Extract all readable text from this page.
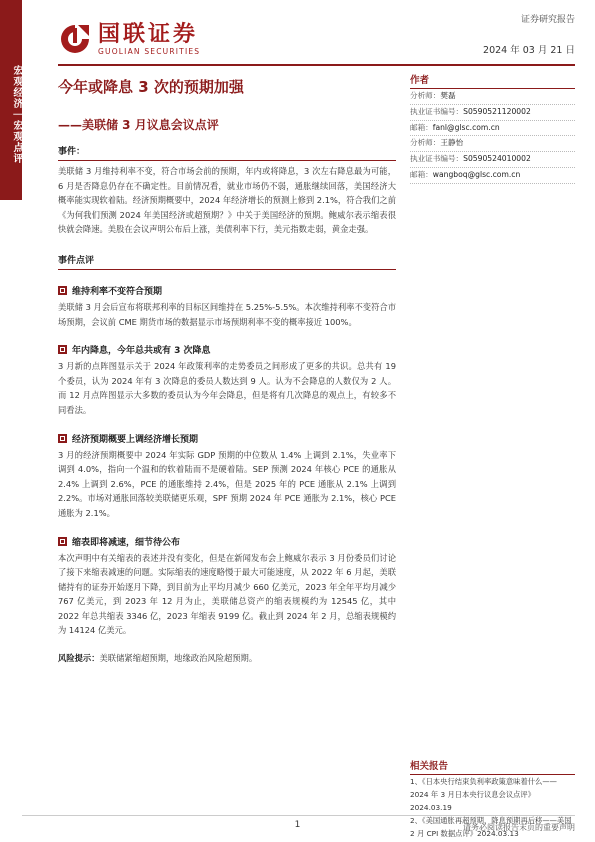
宏观经济｜宏观点评
国联证券
GUOLIAN SECURITIES
证券研究报告
2024 年 03 月 21 日
今年或降息 3 次的预期加强
——美联储 3 月议息会议点评
事件：
美联储 3 月维持利率不变，符合市场会前的预期，年内或将降息，3 次左右降息最为可能，6 月是否降息仍存在不确定性。目前情况看，就业市场仍不弱，通胀继续回落，美国经济大概率能实现软着陆。经济预期概要中，2024 年经济增长的预测上修到 2.1%，符合我们之前《为何我们预测 2024 年美国经济或超预期？》中关于美国经济的预期。鲍威尔表示缩表很快就会降速。美股在会议声明公布后上涨，美债利率下行，美元指数走弱，黄金走强。
事件点评
维持利率不变符合预期
美联储 3 月会后宣布将联邦利率的目标区间维持在 5.25%-5.5%。本次维持利率不变符合市场预期，会议前 CME 期货市场的数据显示市场预期利率不变的概率接近 100%。
年内降息，今年总共或有 3 次降息
3 月新的点阵图显示关于 2024 年政策利率的走势委员之间形成了更多的共识。总共有 19 个委员，认为 2024 年有 3 次降息的委员人数达到 9 人。认为不会降息的人数仅为 2 人。而 12 月点阵图显示大多数的委员认为今年会降息，但是将有几次降息的观点上，有较多不同看法。
经济预期概要上调经济增长预期
3 月的经济预期概要中 2024 年实际 GDP 预期的中位数从 1.4% 上调到 2.1%，失业率下调到 4.0%，指向一个温和的软着陆而不是硬着陆。SEP 预测 2024 年核心 PCE 的通胀从 2.4% 上调到 2.6%，PCE 的通胀维持 2.4%，但是 2025 年的 PCE 通胀从 2.1% 上调到 2.2%。市场对通胀回落较美联储更乐观，SPF 预期 2024 年 PCE 通胀为 2.1%，核心 PCE 通胀为 2.1%。
缩表即将减速，细节待公布
本次声明中有关缩表的表述并没有变化，但是在新闻发布会上鲍威尔表示 3 月份委员们讨论了接下来缩表减速的问题。实际缩表的速度略慢于最大可能速度，从 2022 年 6 月起，美联储持有的证券开始逐月下降，到目前为止平均月减少 660 亿美元，2023 年全年平均月减少 767 亿美元，到 2023 年 12 月为止，美联储总资产的缩表规模约为 12545 亿，其中 2022 年总共缩表 3346 亿，2023 年缩表 9199 亿。截止到 2024 年 2 月，总缩表规模约为 14124 亿美元。
风险提示：美联储紧缩超预期，地缘政治风险超预期。
作者
分析师：樊磊
执业证书编号：S0590521120002
邮箱：fanl@glsc.com.cn
分析师：王静怡
执业证书编号：S0590524010002
邮箱：wangboq@glsc.com.cn
相关报告
1、《日本央行结束负利率政策意味着什么——2024 年 3 月日本央行议息会议点评》2024.03.19
2、《美国通胀再超预期，降息预期再后移——美国 2 月 CPI 数据点评》2024.03.13
1	请务必阅读报告末页的重要声明
